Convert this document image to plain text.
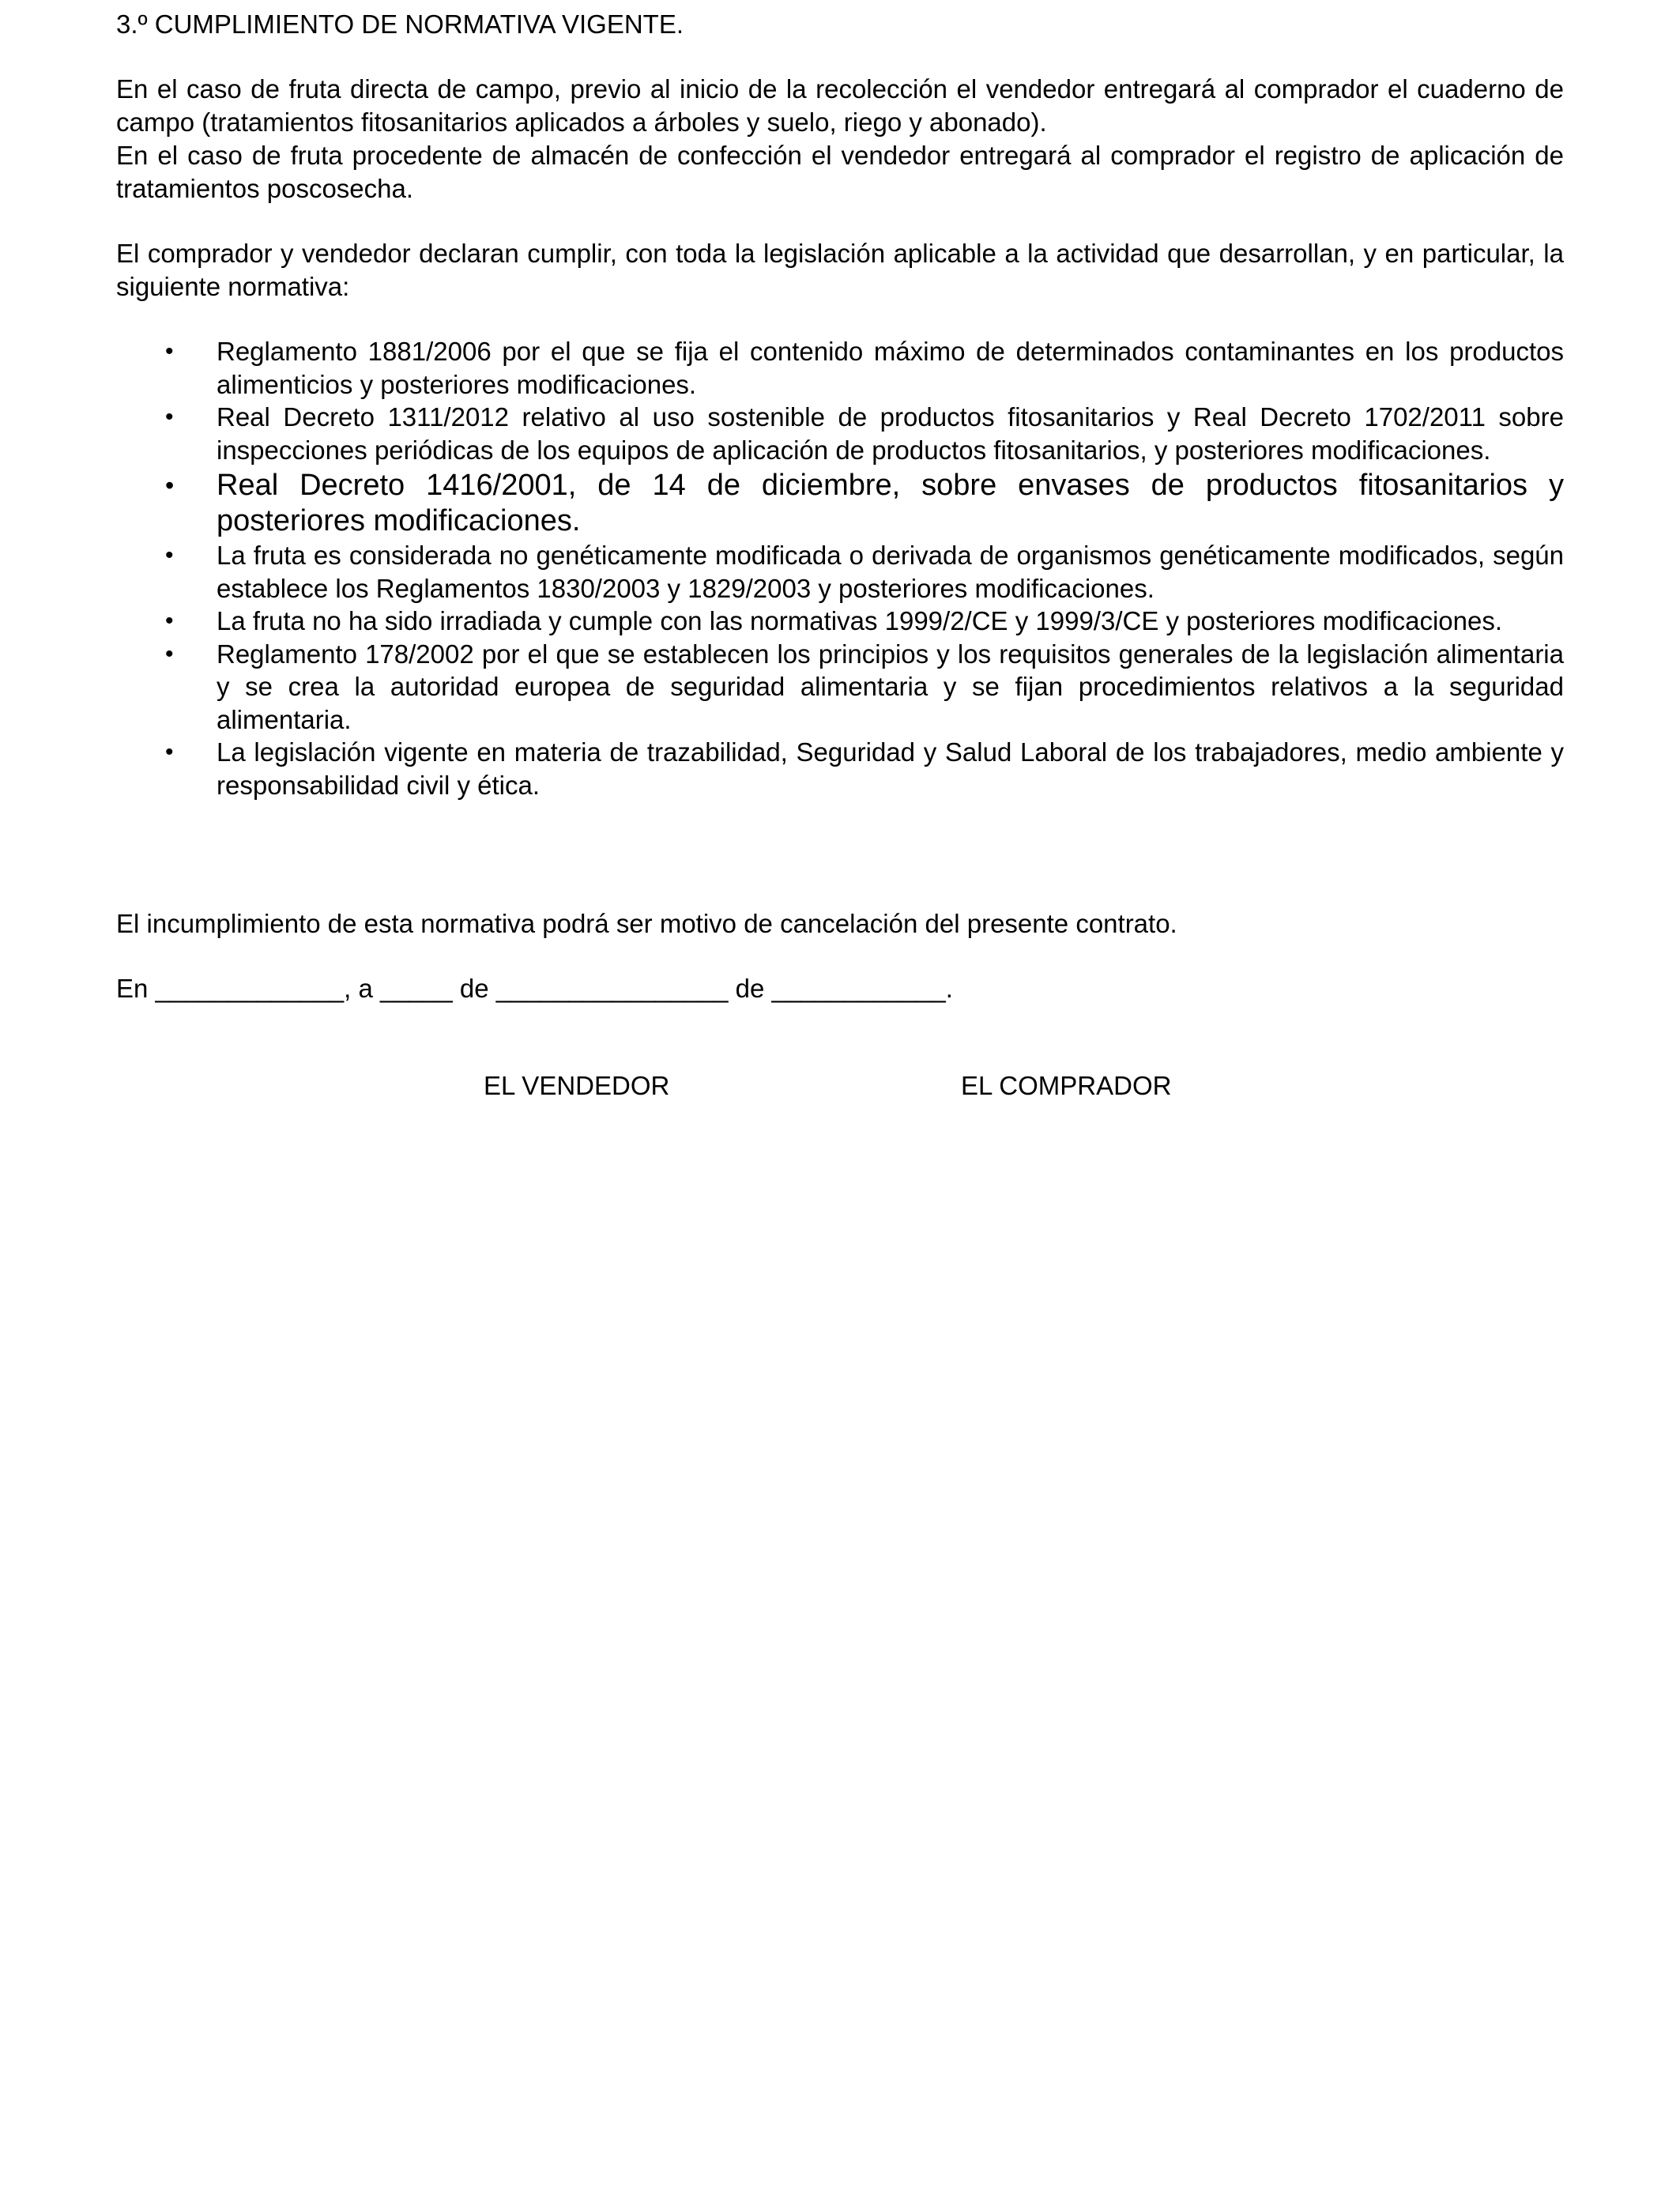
3.º CUMPLIMIENTO DE NORMATIVA VIGENTE.
En el caso de fruta directa de campo, previo al inicio de la recolección el vendedor entregará al comprador el cuaderno de campo (tratamientos fitosanitarios aplicados a árboles y suelo, riego y abonado).
En el caso de fruta procedente de almacén de confección el vendedor entregará al comprador el registro de aplicación de tratamientos poscosecha.
El comprador y vendedor declaran cumplir, con toda la legislación aplicable a la actividad que desarrollan, y en particular, la siguiente normativa:
• Reglamento 1881/2006 por el que se fija el contenido máximo de determinados contaminantes en los productos alimenticios y posteriores modificaciones.
• Real Decreto 1311/2012 relativo al uso sostenible de productos fitosanitarios y Real Decreto 1702/2011 sobre inspecciones periódicas de los equipos de aplicación de productos fitosanitarios, y posteriores modificaciones.
• Real Decreto 1416/2001, de 14 de diciembre, sobre envases de productos fitosanitarios y posteriores modificaciones.
• La fruta es considerada no genéticamente modificada o derivada de organismos genéticamente modificados, según establece los Reglamentos 1830/2003 y 1829/2003 y posteriores modificaciones.
• La fruta no ha sido irradiada y cumple con las normativas 1999/2/CE y 1999/3/CE y posteriores modificaciones.
• Reglamento 178/2002 por el que se establecen los principios y los requisitos generales de la legislación alimentaria y se crea la autoridad europea de seguridad alimentaria y se fijan procedimientos relativos a la seguridad alimentaria.
• La legislación vigente en materia de trazabilidad, Seguridad y Salud Laboral de los trabajadores, medio ambiente y responsabilidad civil y ética.
El incumplimiento de esta normativa podrá ser motivo de cancelación del presente contrato.
En _____________, a _____ de ________________ de ____________.
EL VENDEDOR	EL COMPRADOR
